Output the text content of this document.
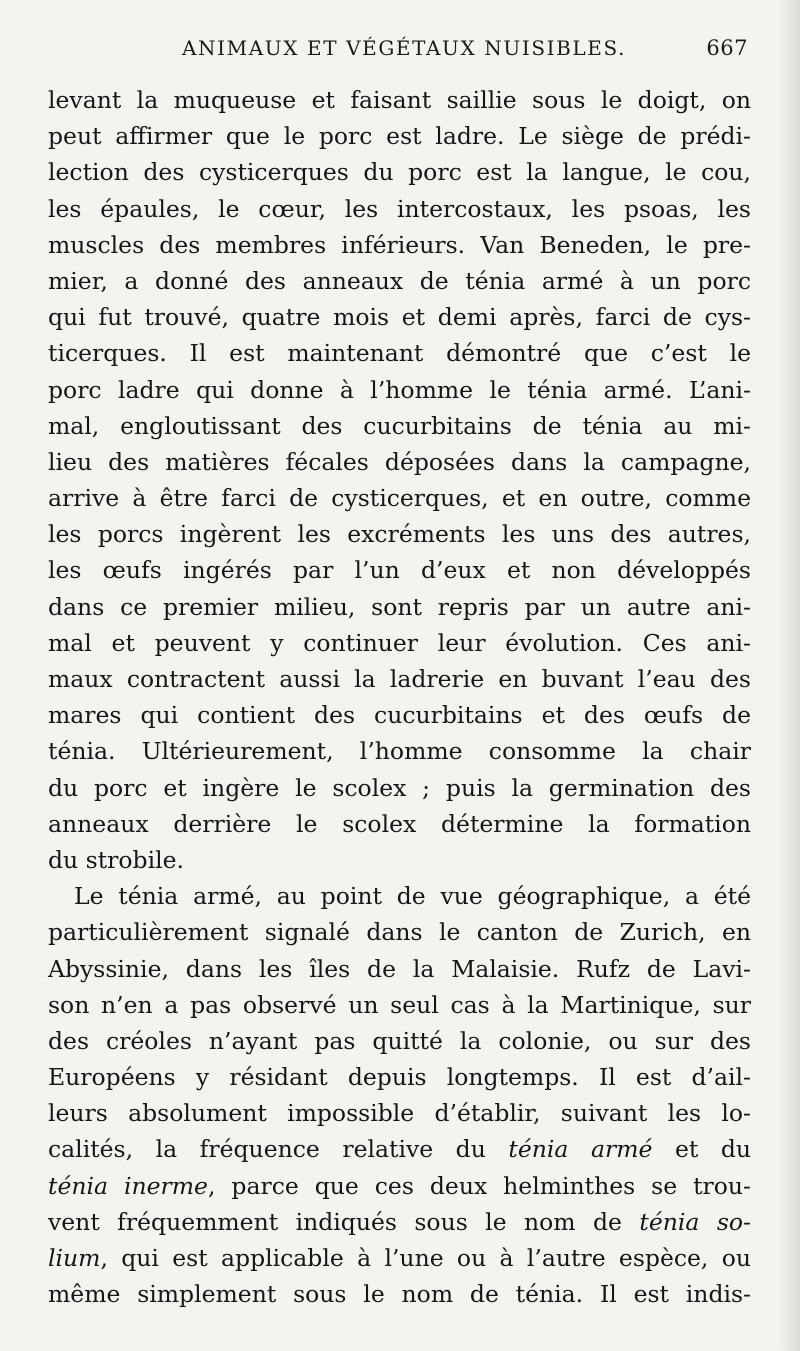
ANIMAUX ET VÉGÉTAUX NUISIBLES.	667
levant la muqueuse et faisant saillie sous le doigt, on
peut affirmer que le porc est ladre. Le siège de prédi-
lection des cysticerques du porc est la langue, le cou,
les épaules, le cœur, les intercostaux, les psoas, les
muscles des membres inférieurs. Van Beneden, le pre-
mier, a donné des anneaux de ténia armé à un porc
qui fut trouvé, quatre mois et demi après, farci de cys-
ticerques. Il est maintenant démontré que c’est le
porc ladre qui donne à l’homme le ténia armé. L’ani-
mal, engloutissant des cucurbitains de ténia au mi-
lieu des matières fécales déposées dans la campagne,
arrive à être farci de cysticerques, et en outre, comme
les porcs ingèrent les excréments les uns des autres,
les œufs ingérés par l’un d’eux et non développés
dans ce premier milieu, sont repris par un autre ani-
mal et peuvent y continuer leur évolution. Ces ani-
maux contractent aussi la ladrerie en buvant l’eau des
mares qui contient des cucurbitains et des œufs de
ténia. Ultérieurement, l’homme consomme la chair
du porc et ingère le scolex ; puis la germination des
anneaux derrière le scolex détermine la formation
du strobile.
Le ténia armé, au point de vue géographique, a été
particulièrement signalé dans le canton de Zurich, en
Abyssinie, dans les îles de la Malaisie. Rufz de Lavi-
son n’en a pas observé un seul cas à la Martinique, sur
des créoles n’ayant pas quitté la colonie, ou sur des
Européens y résidant depuis longtemps. Il est d’ail-
leurs absolument impossible d’établir, suivant les lo-
calités, la fréquence relative du ténia armé et du
ténia inerme, parce que ces deux helminthes se trou-
vent fréquemment indiqués sous le nom de ténia so-
lium, qui est applicable à l’une ou à l’autre espèce, ou
même simplement sous le nom de ténia. Il est indis-
